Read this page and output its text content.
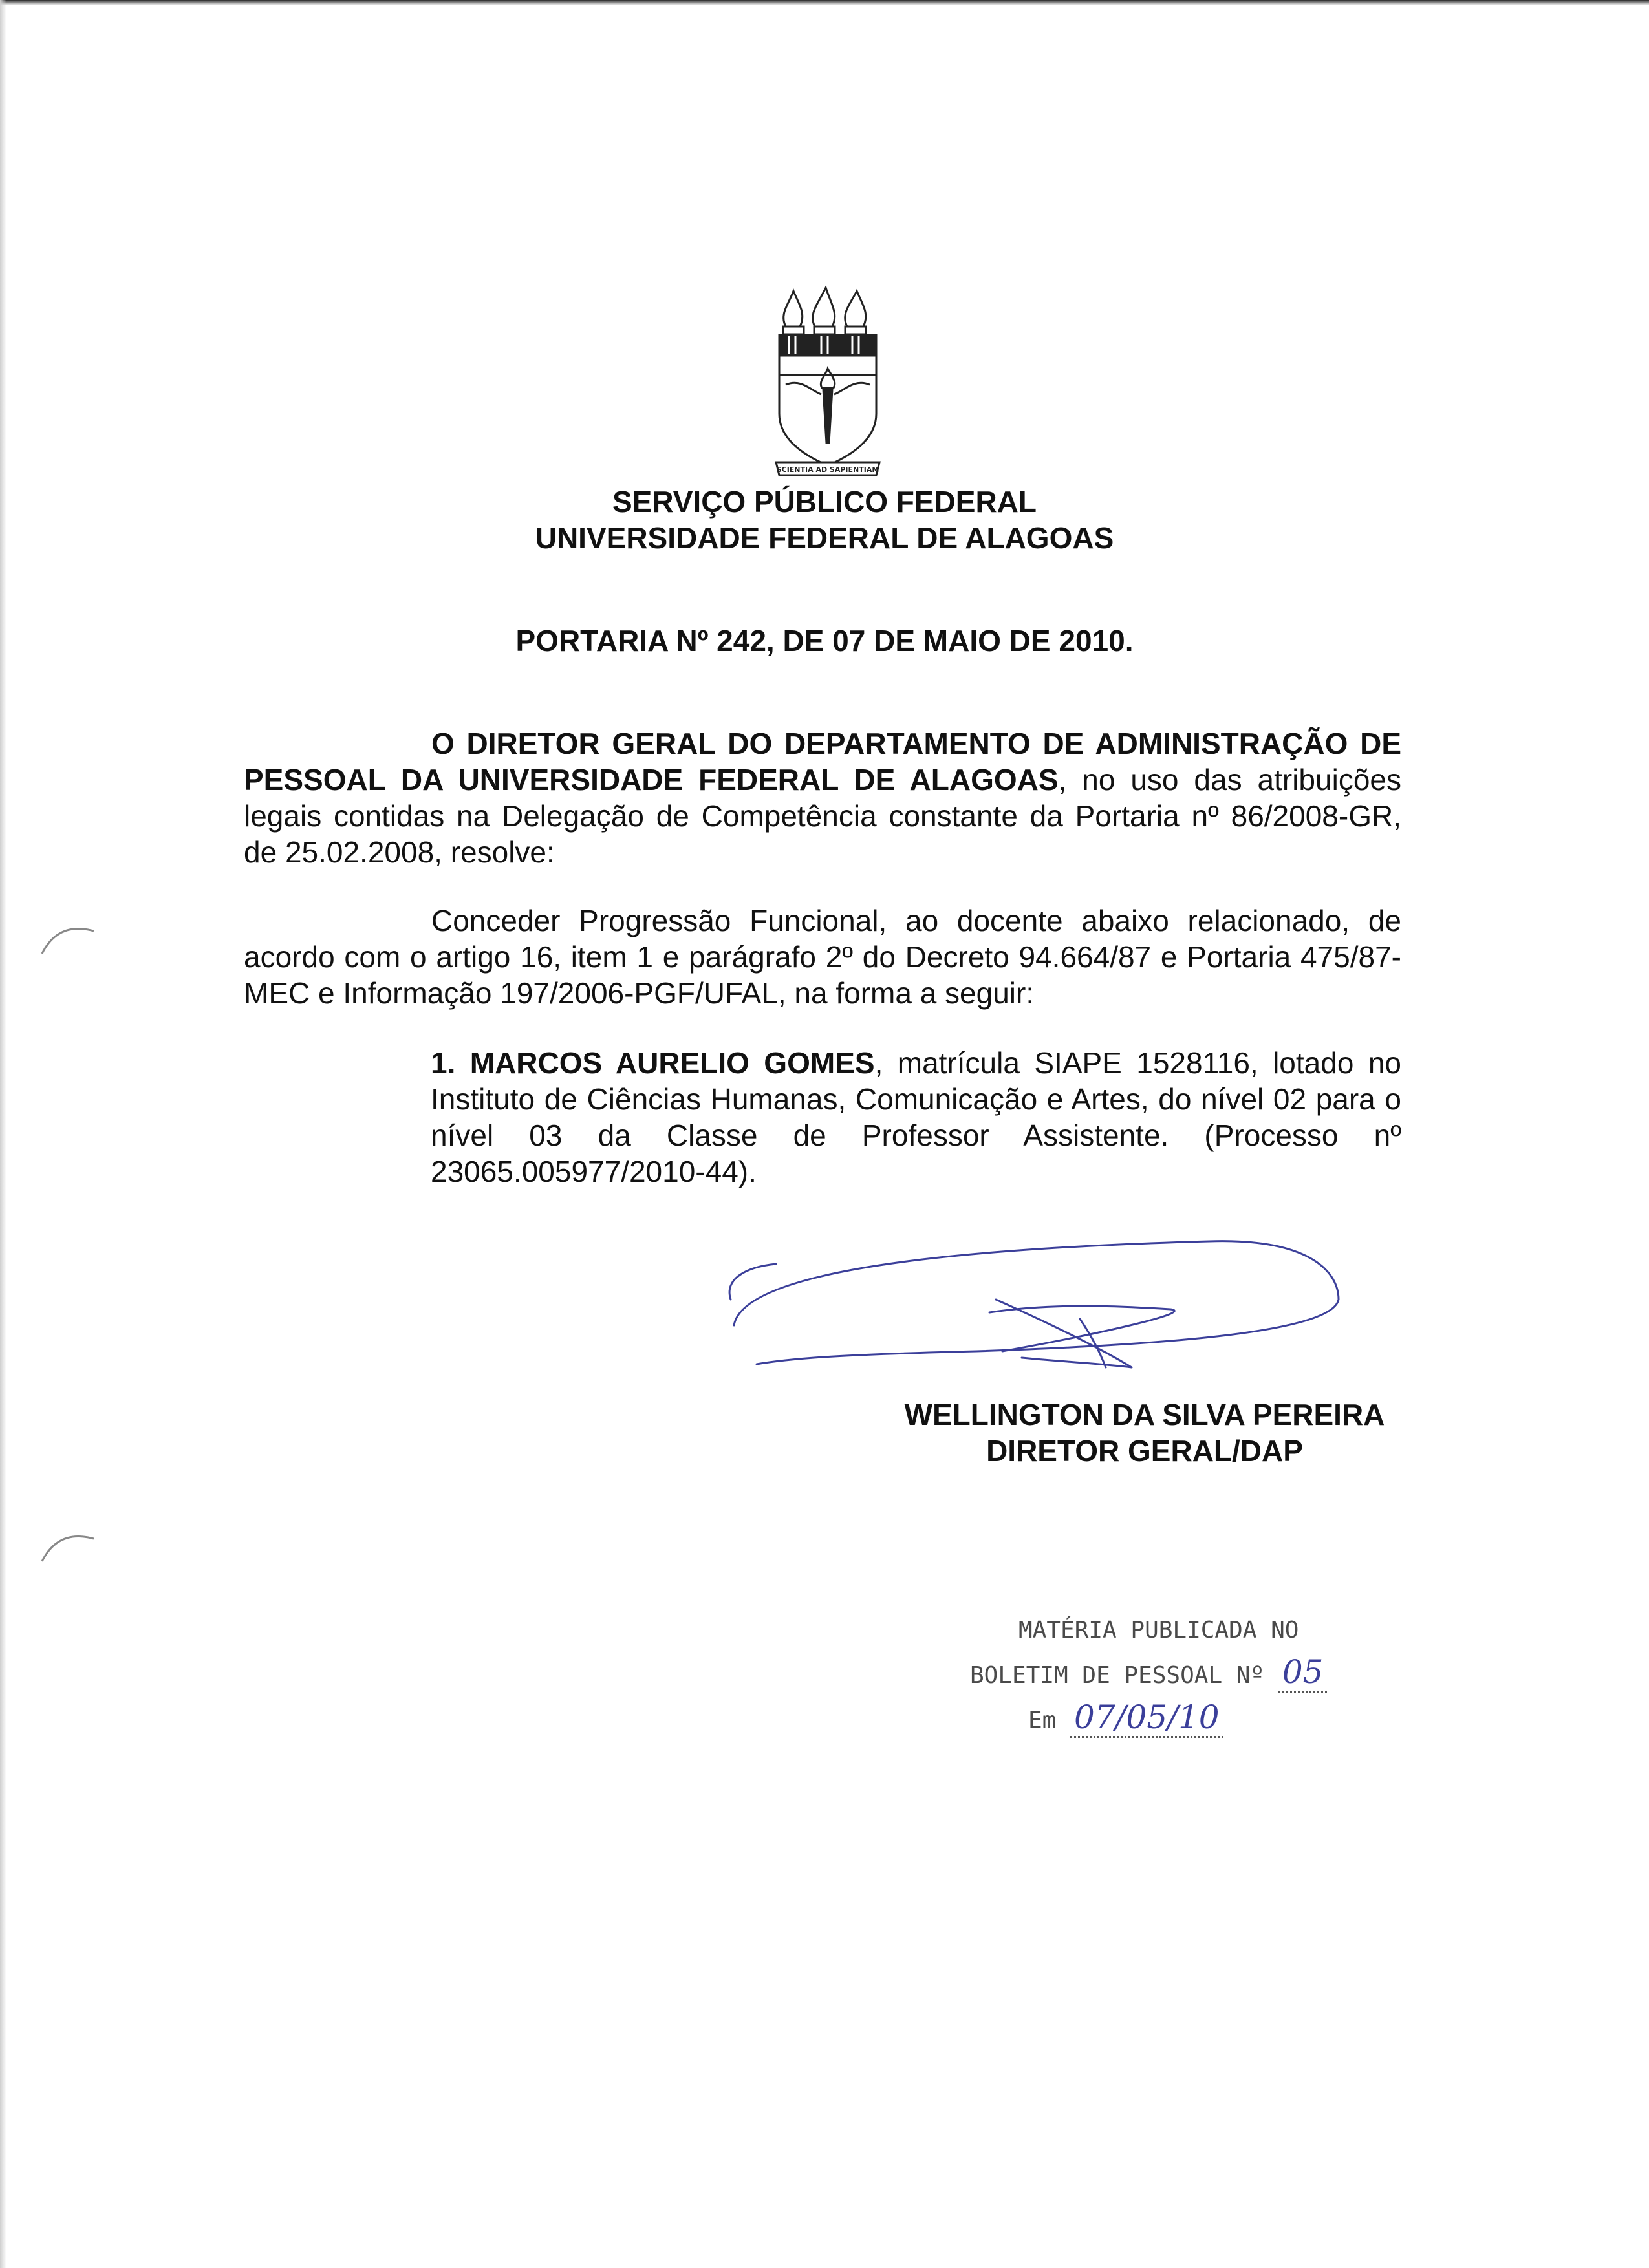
SCIENTIA AD SAPIENTIAM
SERVIÇO PÚBLICO FEDERAL
UNIVERSIDADE FEDERAL DE ALAGOAS
PORTARIA Nº 242, DE 07 DE MAIO DE 2010.

O DIRETOR GERAL DO DEPARTAMENTO DE ADMINISTRAÇÃO DE PESSOAL DA UNIVERSIDADE FEDERAL DE ALAGOAS, no uso das atribuições legais contidas na Delegação de Competência constante da Portaria nº 86/2008-GR, de 25.02.2008, resolve:

Conceder Progressão Funcional, ao docente abaixo relacionado, de acordo com o artigo 16, item 1 e parágrafo 2º do Decreto 94.664/87 e Portaria 475/87-MEC e Informação 197/2006-PGF/UFAL, na forma a seguir:

1. MARCOS AURELIO GOMES, matrícula SIAPE 1528116, lotado no Instituto de Ciências Humanas, Comunicação e Artes, do nível 02 para o nível 03 da Classe de Professor Assistente. (Processo nº 23065.005977/2010-44).

WELLINGTON DA SILVA PEREIRA
DIRETOR GERAL/DAP
MATÉRIA PUBLICADA NO
BOLETIM DE PESSOAL Nº 05
Em 07/05/10
